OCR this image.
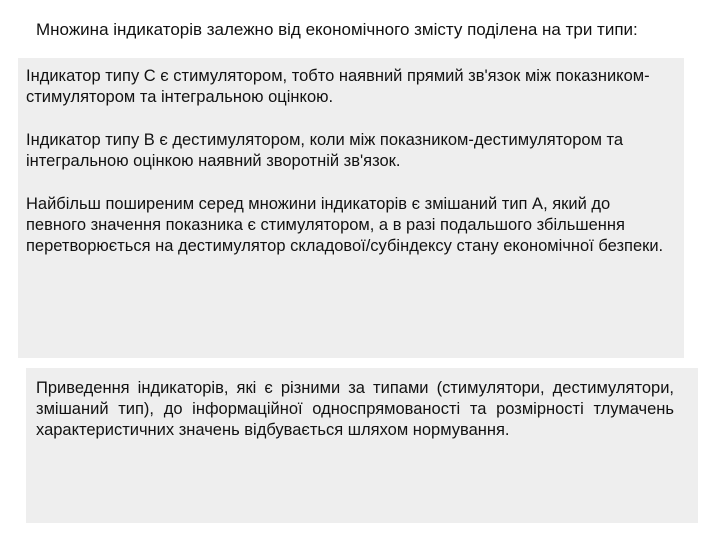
Множина індикаторів залежно від економічного змісту поділена на три типи:
Індикатор типу С є стимулятором, тобто наявний прямий зв'язок між показником-стимулятором та інтегральною оцінкою.
Індикатор типу В є дестимулятором, коли між показником-дестимулятором та інтегральною оцінкою наявний зворотній зв'язок.
Найбільш поширеним серед множини індикаторів є змішаний тип А, який до певного значення показника є стимулятором, а в разі подальшого збільшення перетворюється на дестимулятор складової/субіндексу стану економічної безпеки.
Приведення індикаторів, які є різними за типами (стимулятори, дестимулятори, змішаний тип), до інформаційної односпрямованості та розмірності тлумачень характеристичних значень відбувається шляхом нормування.
